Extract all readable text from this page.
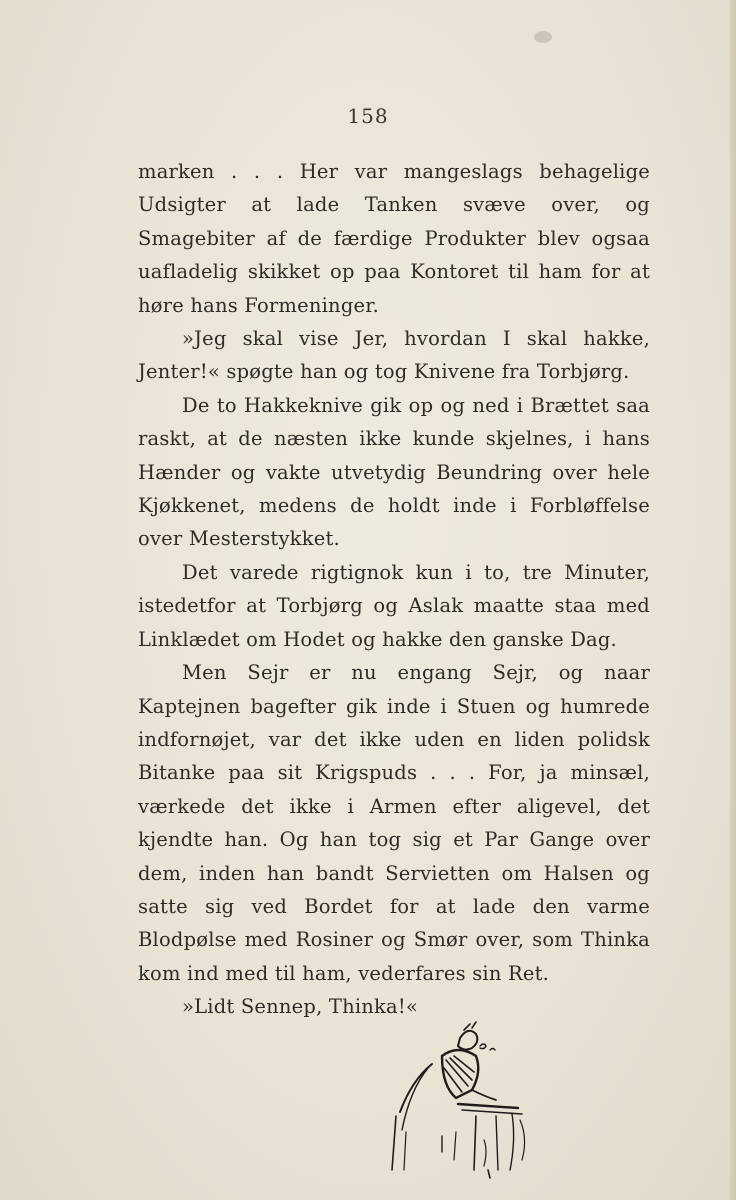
158

marken . . . Her var mangeslags behagelige Udsigter at lade Tanken svæve over, og Smagebiter af de færdige Produkter blev ogsaa uafladelig skikket op paa Kontoret til ham for at høre hans Formeninger.

»Jeg skal vise Jer, hvordan I skal hakke, Jenter!« spøgte han og tog Knivene fra Torbjørg.

De to Hakkeknive gik op og ned i Brættet saa raskt, at de næsten ikke kunde skjelnes, i hans Hænder og vakte utvetydig Beundring over hele Kjøkkenet, medens de holdt inde i Forbløffelse over Mesterstykket.

Det varede rigtignok kun i to, tre Minuter, istedetfor at Torbjørg og Aslak maatte staa med Linklædet om Hodet og hakke den ganske Dag.

Men Sejr er nu engang Sejr, og naar Kaptejnen bagefter gik inde i Stuen og humrede indfornøjet, var det ikke uden en liden polidsk Bitanke paa sit Krigspuds . . . For, ja minsæl, værkede det ikke i Armen efter aligevel, det kjendte han. Og han tog sig et Par Gange over dem, inden han bandt Servietten om Halsen og satte sig ved Bordet for at lade den varme Blodpølse med Rosiner og Smør over, som Thinka kom ind med til ham, vederfares sin Ret.

»Lidt Sennep, Thinka!«
